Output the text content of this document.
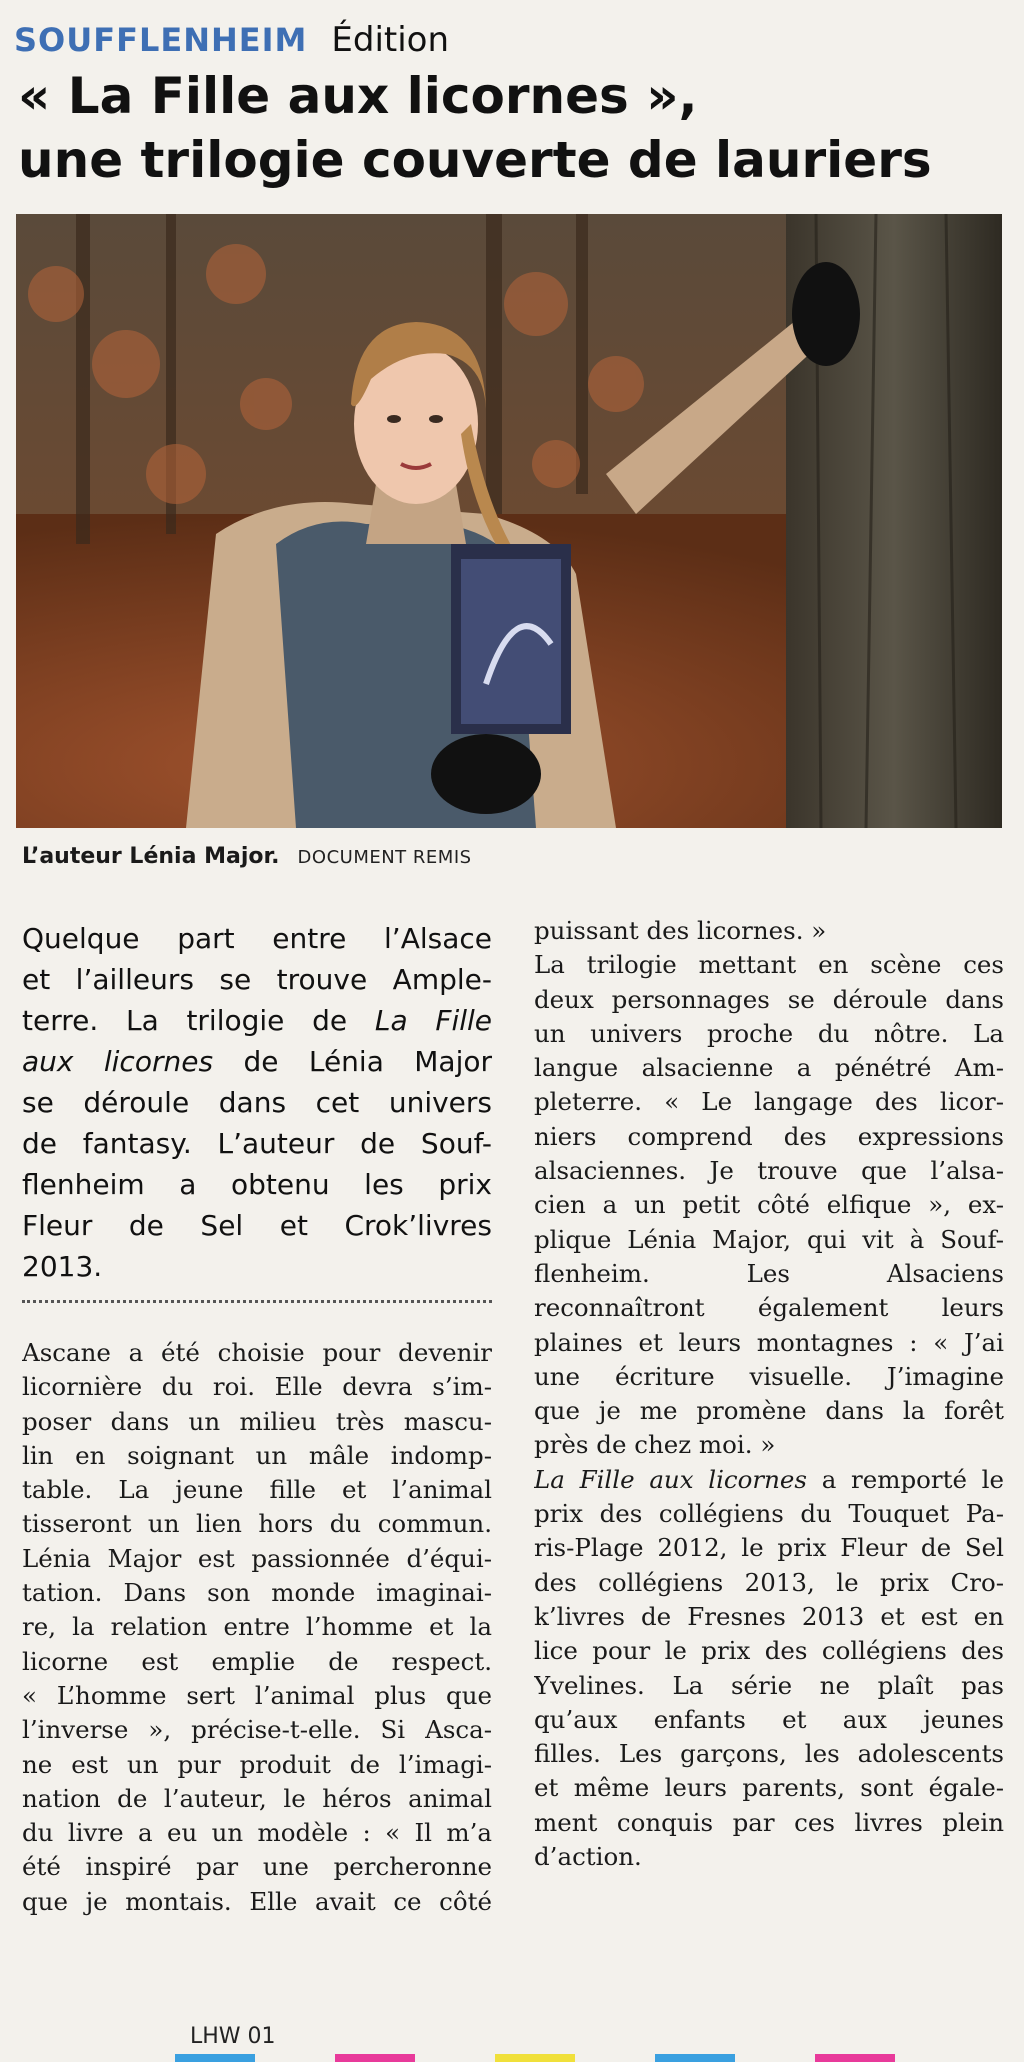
SOUFFLENHEIM Édition
« La Fille aux licornes »,
une trilogie couverte de lauriers
L’auteur Lénia Major. DOCUMENT REMIS

Quelque part entre l’Alsace
et l’ailleurs se trouve Ample-
terre. La trilogie de La Fille
aux licornes de Lénia Major
se déroule dans cet univers
de fantasy. L’auteur de Souf-
flenheim a obtenu les prix
Fleur de Sel et Crok’livres
2013.

Ascane a été choisie pour devenir
licornière du roi. Elle devra s’im-
poser dans un milieu très mascu-
lin en soignant un mâle indomp-
table. La jeune fille et l’animal
tisseront un lien hors du commun.
Lénia Major est passionnée d’équi-
tation. Dans son monde imaginai-
re, la relation entre l’homme et la
licorne est emplie de respect.
« L’homme sert l’animal plus que
l’inverse », précise-t-elle. Si Asca-
ne est un pur produit de l’imagi-
nation de l’auteur, le héros animal
du livre a eu un modèle : « Il m’a
été inspiré par une percheronne
que je montais. Elle avait ce côté

puissant des licornes. »
La trilogie mettant en scène ces
deux personnages se déroule dans
un univers proche du nôtre. La
langue alsacienne a pénétré Am-
pleterre. « Le langage des licor-
niers comprend des expressions
alsaciennes. Je trouve que l’alsa-
cien a un petit côté elfique », ex-
plique Lénia Major, qui vit à Souf-
flenheim. Les Alsaciens
reconnaîtront également leurs
plaines et leurs montagnes : « J’ai
une écriture visuelle. J’imagine
que je me promène dans la forêt
près de chez moi. »
La Fille aux licornes a remporté le
prix des collégiens du Touquet Pa-
ris-Plage 2012, le prix Fleur de Sel
des collégiens 2013, le prix Cro-
k’livres de Fresnes 2013 et est en
lice pour le prix des collégiens des
Yvelines. La série ne plaît pas
qu’aux enfants et aux jeunes
filles. Les garçons, les adolescents
et même leurs parents, sont égale-
ment conquis par ces livres plein
d’action.

LHW 01
